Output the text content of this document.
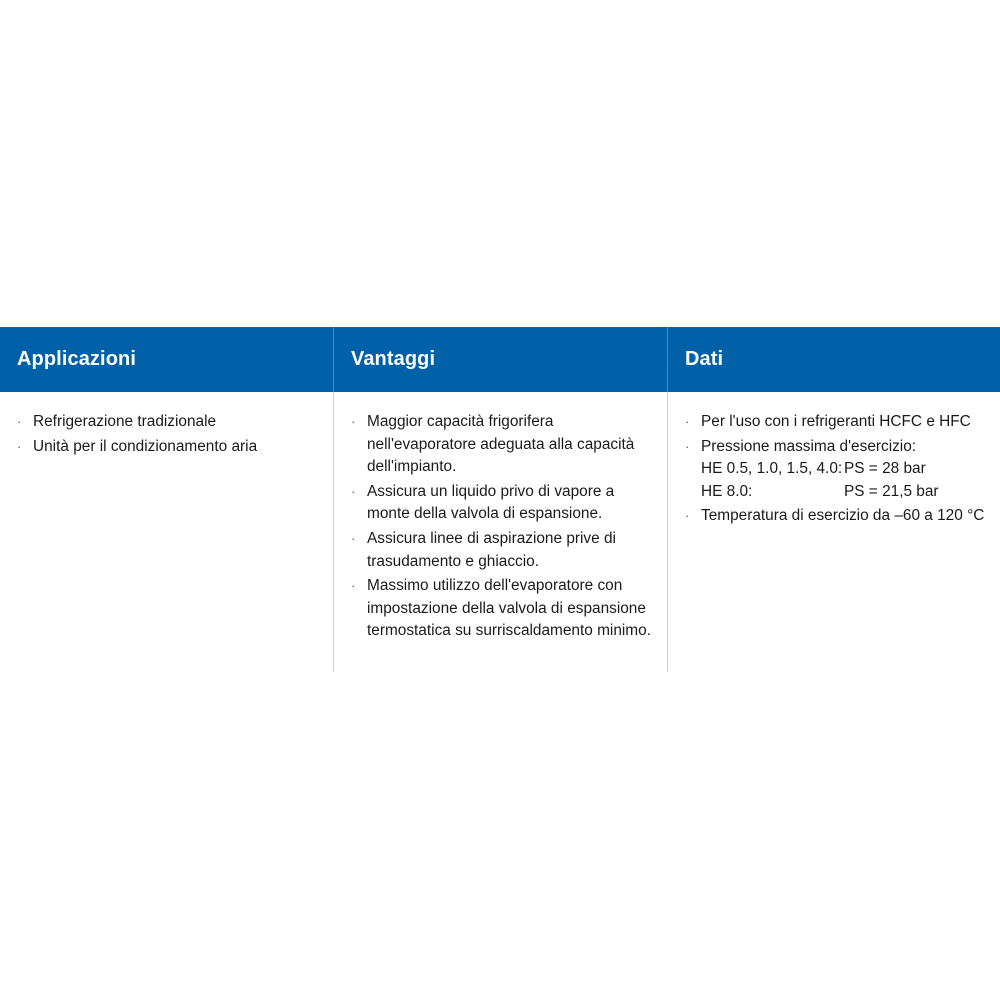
Applicazioni
· Refrigerazione tradizionale
· Unità per il condizionamento aria
Vantaggi
· Maggior capacità frigorifera nell'evaporatore adeguata alla capacità dell'impianto.
· Assicura un liquido privo di vapore a monte della valvola di espansione.
· Assicura linee di aspirazione prive di trasudamento e ghiaccio.
· Massimo utilizzo dell'evaporatore con impostazione della valvola di espansione termostatica su surriscaldamento minimo.
Dati
· Per l'uso con i refrigeranti HCFC e HFC
· Pressione massima d'esercizio:
HE 0.5, 1.0, 1.5, 4.0: PS = 28 bar
HE 8.0:	PS = 21,5 bar
· Temperatura di esercizio da –60 a 120 °C
